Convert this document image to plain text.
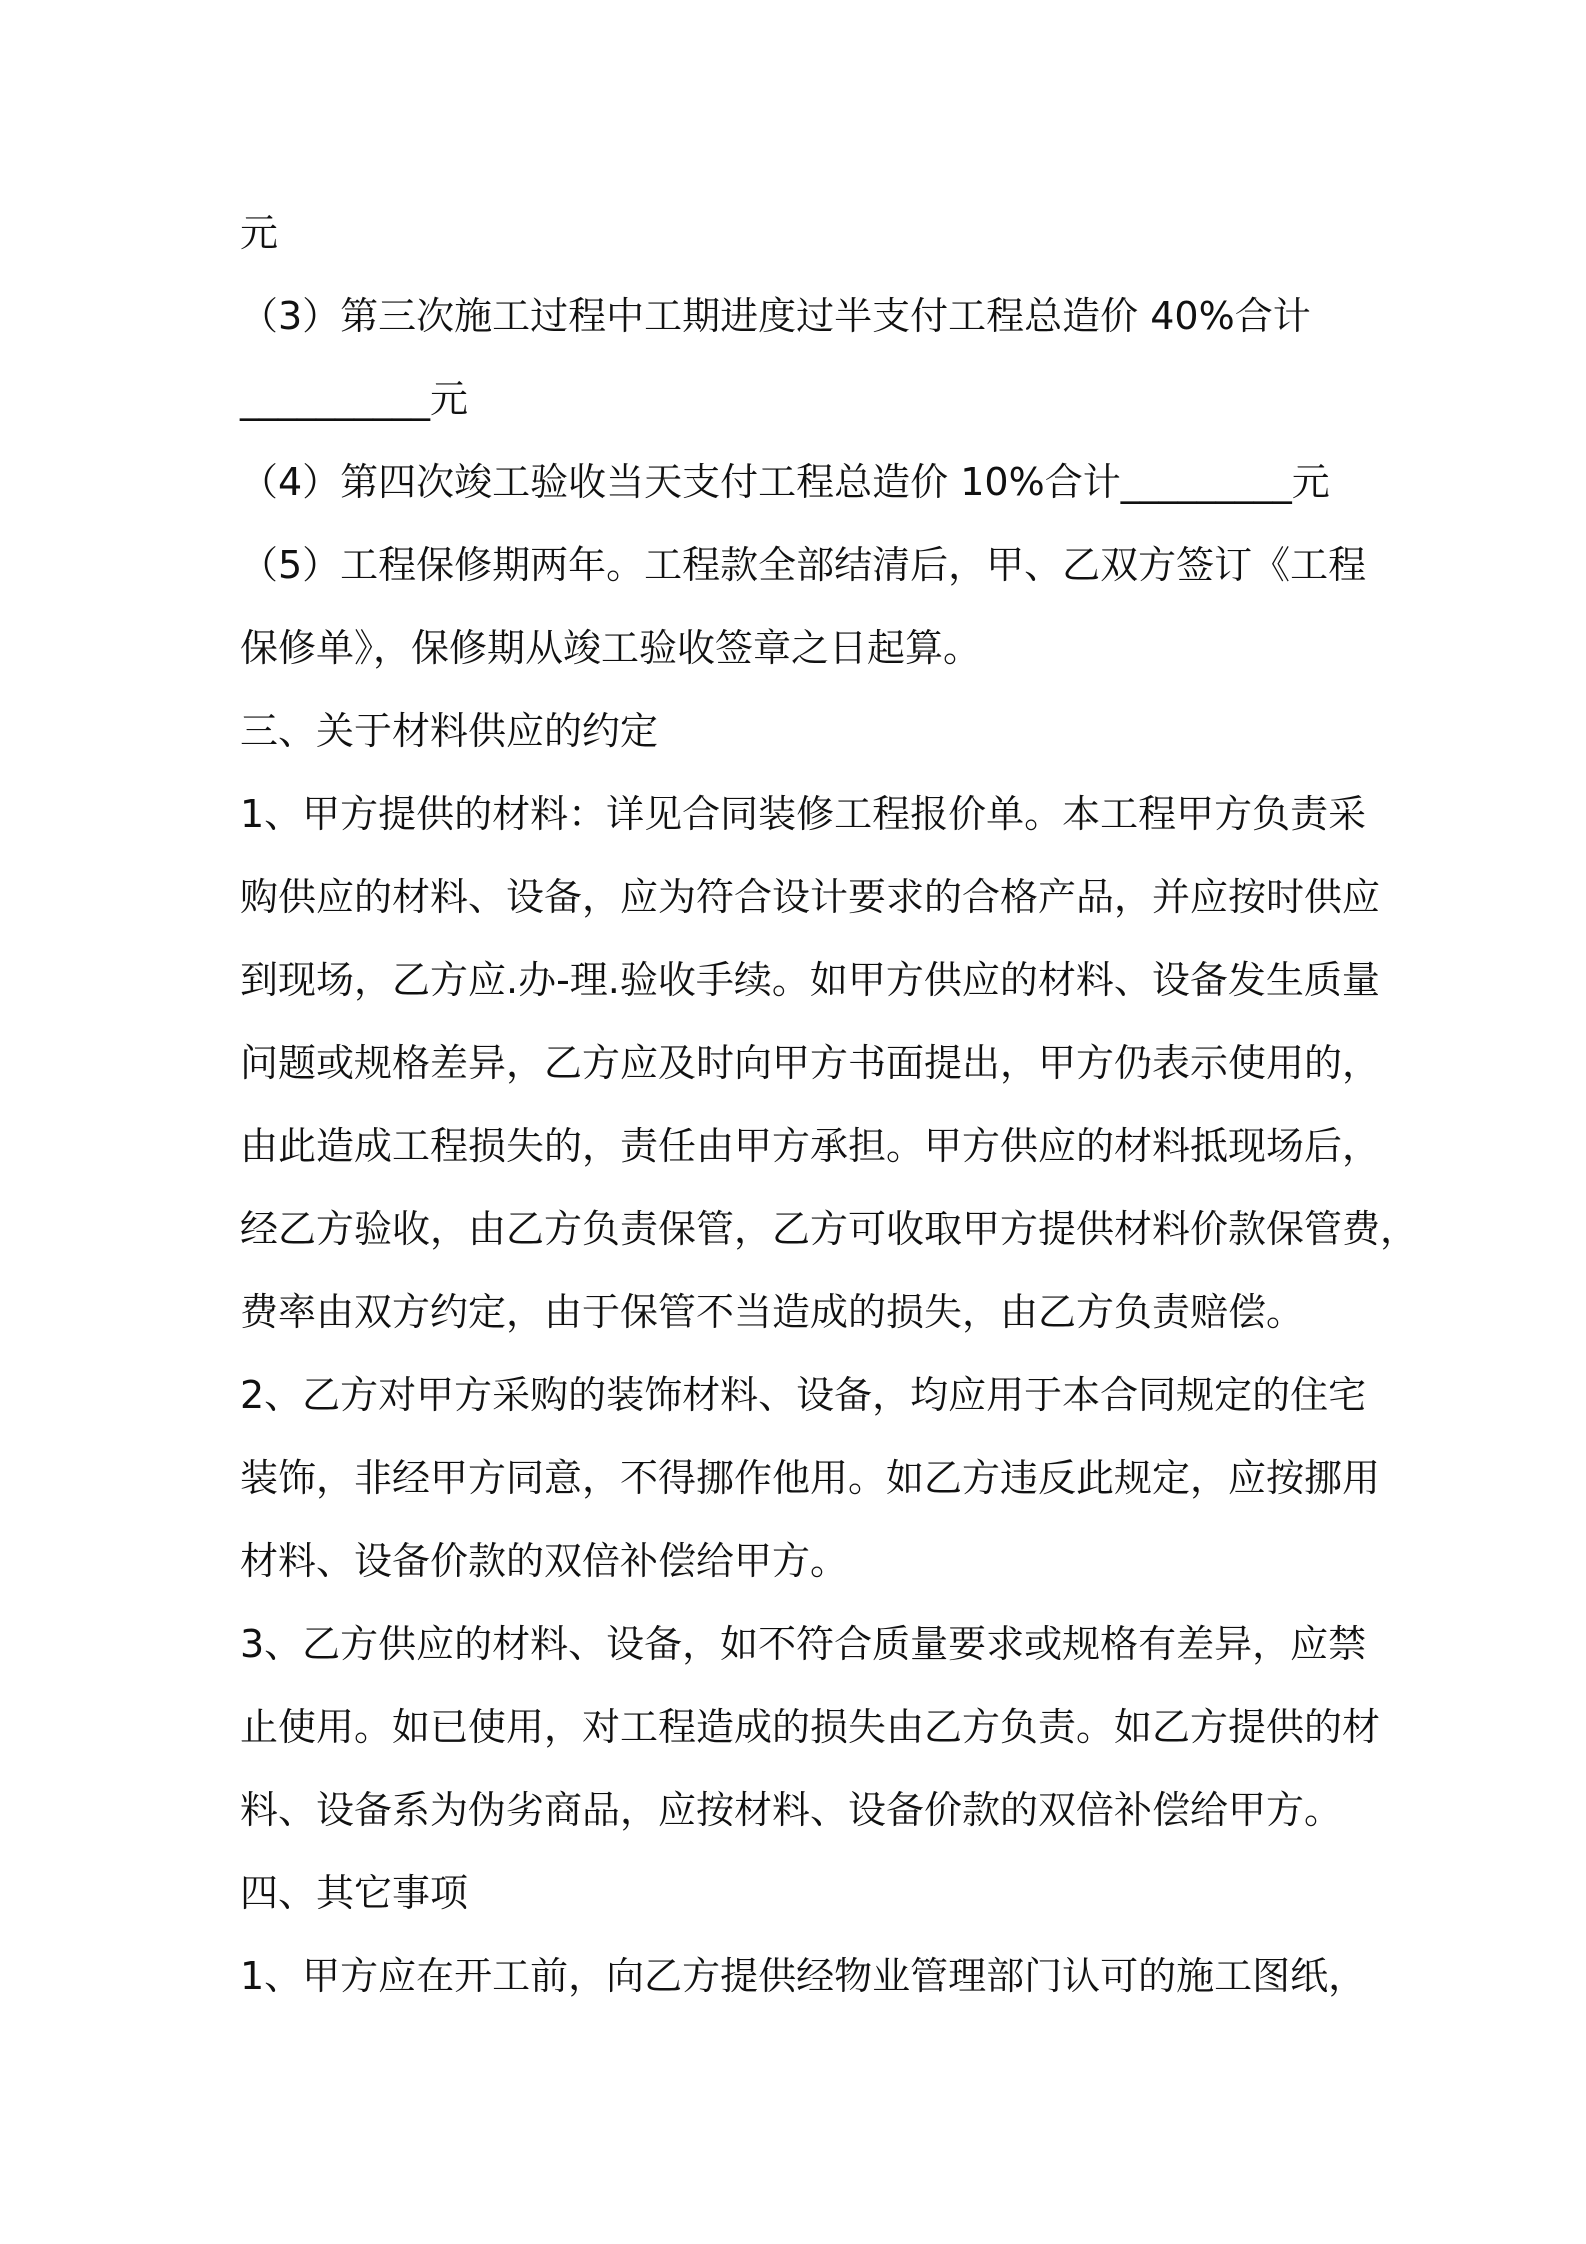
元
（3）第三次施工过程中工期进度过半支付工程总造价 40%合计
__________元
（4）第四次竣工验收当天支付工程总造价 10%合计_________元
（5）工程保修期两年。工程款全部结清后，甲、乙双方签订《工程
保修单》，保修期从竣工验收签章之日起算。
三、关于材料供应的约定
1、甲方提供的材料：详见合同装修工程报价单。本工程甲方负责采
购供应的材料、设备，应为符合设计要求的合格产品，并应按时供应
到现场，乙方应.办-理.验收手续。如甲方供应的材料、设备发生质量
问题或规格差异，乙方应及时向甲方书面提出，甲方仍表示使用的，
由此造成工程损失的，责任由甲方承担。甲方供应的材料抵现场后，
经乙方验收，由乙方负责保管，乙方可收取甲方提供材料价款保管费，
费率由双方约定，由于保管不当造成的损失，由乙方负责赔偿。
2、乙方对甲方采购的装饰材料、设备，均应用于本合同规定的住宅
装饰，非经甲方同意，不得挪作他用。如乙方违反此规定，应按挪用
材料、设备价款的双倍补偿给甲方。
3、乙方供应的材料、设备，如不符合质量要求或规格有差异，应禁
止使用。如已使用，对工程造成的损失由乙方负责。如乙方提供的材
料、设备系为伪劣商品，应按材料、设备价款的双倍补偿给甲方。
四、其它事项
1、甲方应在开工前，向乙方提供经物业管理部门认可的施工图纸，
